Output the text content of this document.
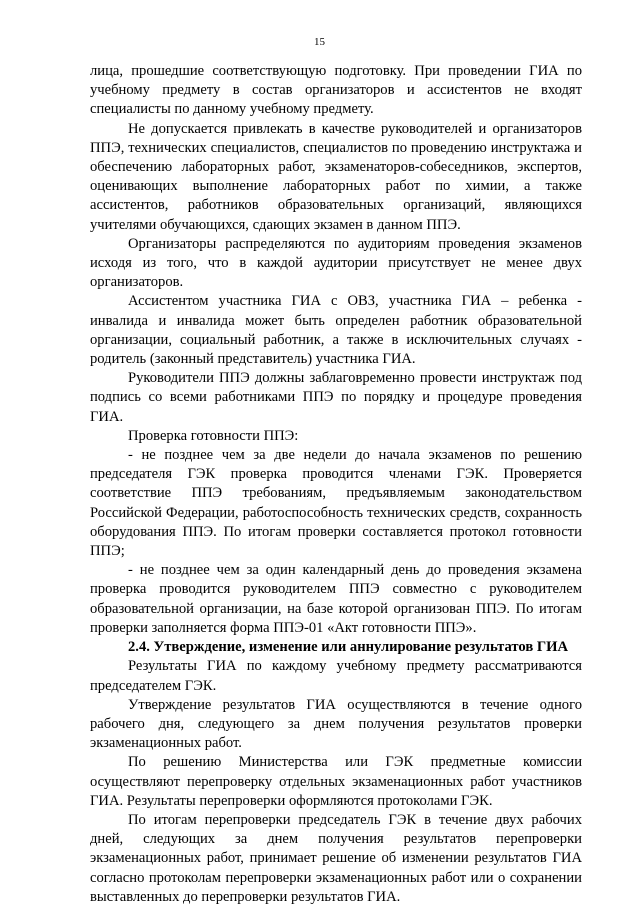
15

лица, прошедшие соответствующую подготовку. При проведении ГИА по учебному предмету в состав организаторов и ассистентов не входят специалисты по данному учебному предмету.

Не допускается привлекать в качестве руководителей и организаторов ППЭ, технических специалистов, специалистов по проведению инструктажа и обеспечению лабораторных работ, экзаменаторов-собеседников, экспертов, оценивающих выполнение лабораторных работ по химии, а также ассистентов, работников образовательных организаций, являющихся учителями обучающихся, сдающих экзамен в данном ППЭ.

Организаторы распределяются по аудиториям проведения экзаменов исходя из того, что в каждой аудитории присутствует не менее двух организаторов.

Ассистентом участника ГИА с ОВЗ, участника ГИА – ребенка - инвалида и инвалида может быть определен работник образовательной организации, социальный работник, а также в исключительных случаях - родитель (законный представитель) участника ГИА.

Руководители ППЭ должны заблаговременно провести инструктаж под подпись со всеми работниками ППЭ по порядку и процедуре проведения ГИА.

Проверка готовности ППЭ:

- не позднее чем за две недели до начала экзаменов по решению председателя ГЭК проверка проводится членами ГЭК. Проверяется соответствие ППЭ требованиям, предъявляемым законодательством Российской Федерации, работоспособность технических средств, сохранность оборудования ППЭ. По итогам проверки составляется протокол готовности ППЭ;

- не позднее чем за один календарный день до проведения экзамена проверка проводится руководителем ППЭ совместно с руководителем образовательной организации, на базе которой организован ППЭ. По итогам проверки заполняется форма ППЭ-01 «Акт готовности ППЭ».

2.4. Утверждение, изменение или аннулирование результатов ГИА

Результаты ГИА по каждому учебному предмету рассматриваются председателем ГЭК.

Утверждение результатов ГИА осуществляются в течение одного рабочего дня, следующего за днем получения результатов проверки экзаменационных работ.

По решению Министерства или ГЭК предметные комиссии осуществляют перепроверку отдельных экзаменационных работ участников ГИА. Результаты перепроверки оформляются протоколами ГЭК.

По итогам перепроверки председатель ГЭК в течение двух рабочих дней, следующих за днем получения результатов перепроверки экзаменационных работ, принимает решение об изменении результатов ГИА согласно протоколам перепроверки экзаменационных работ или о сохранении выставленных до перепроверки результатов ГИА.
